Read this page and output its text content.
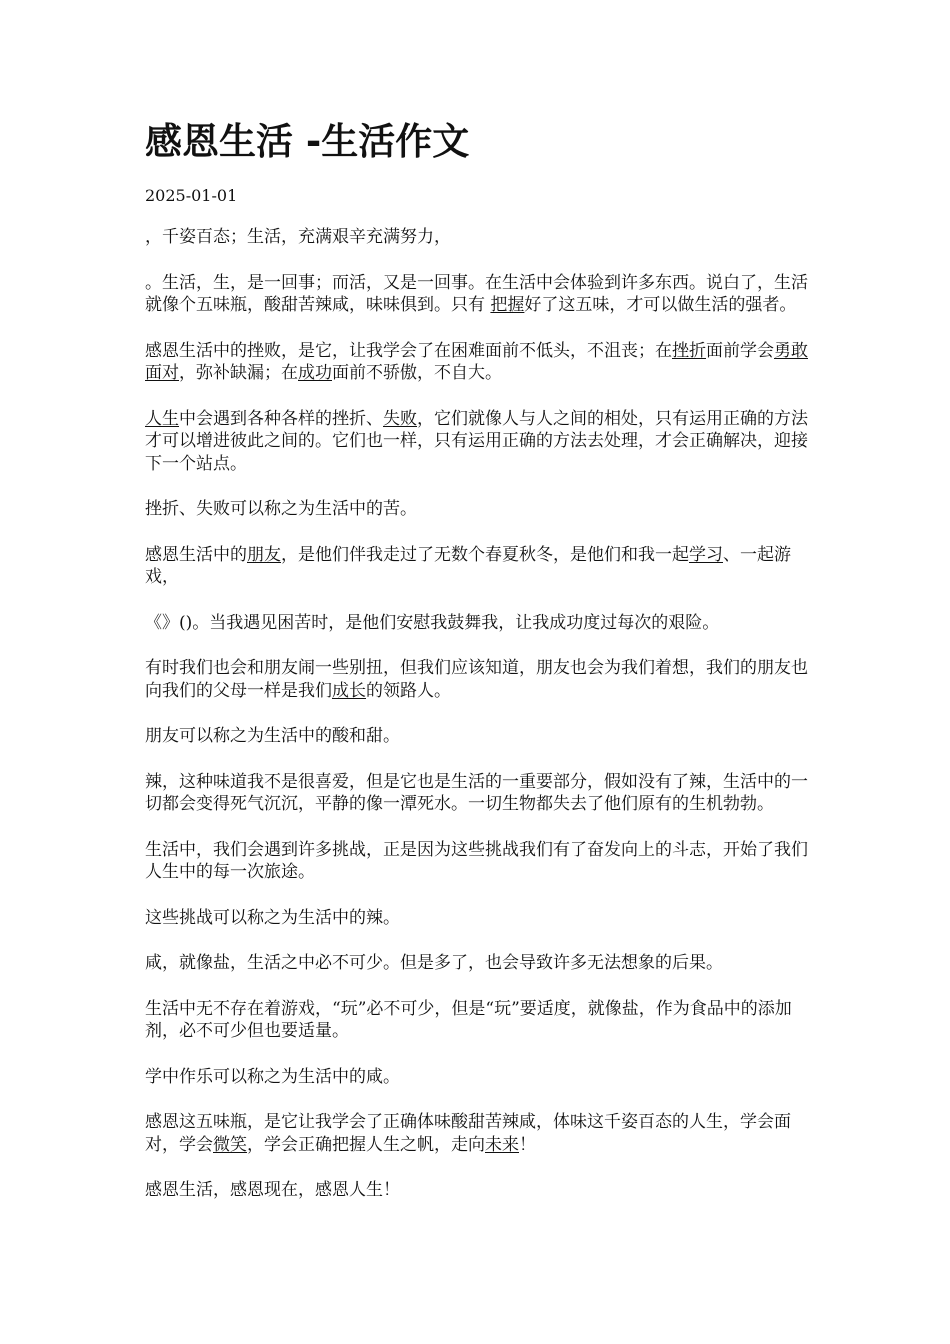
感恩生活 -生活作文
2025-01-01

，千姿百态；生活，充满艰辛充满努力，

。生活，生，是一回事；而活，又是一回事。在生活中会体验到许多东西。说白了，生活就像个五味瓶，酸甜苦辣咸，味味俱到。只有 把握好了这五味，才可以做生活的强者。

感恩生活中的挫败，是它，让我学会了在困难面前不低头，不沮丧；在挫折面前学会勇敢面对，弥补缺漏；在成功面前不骄傲，不自大。

人生中会遇到各种各样的挫折、失败，它们就像人与人之间的相处，只有运用正确的方法才可以增进彼此之间的。它们也一样，只有运用正确的方法去处理，才会正确解决，迎接下一个站点。

挫折、失败可以称之为生活中的苦。

感恩生活中的朋友，是他们伴我走过了无数个春夏秋冬，是他们和我一起学习、一起游戏，

《》()。当我遇见困苦时，是他们安慰我鼓舞我，让我成功度过每次的艰险。

有时我们也会和朋友闹一些别扭，但我们应该知道，朋友也会为我们着想，我们的朋友也向我们的父母一样是我们成长的领路人。

朋友可以称之为生活中的酸和甜。

辣，这种味道我不是很喜爱，但是它也是生活的一重要部分，假如没有了辣，生活中的一切都会变得死气沉沉，平静的像一潭死水。一切生物都失去了他们原有的生机勃勃。

生活中，我们会遇到许多挑战，正是因为这些挑战我们有了奋发向上的斗志，开始了我们人生中的每一次旅途。

这些挑战可以称之为生活中的辣。

咸，就像盐，生活之中必不可少。但是多了，也会导致许多无法想象的后果。

生活中无不存在着游戏，“玩”必不可少，但是“玩”要适度，就像盐，作为食品中的添加剂，必不可少但也要适量。

学中作乐可以称之为生活中的咸。

感恩这五味瓶，是它让我学会了正确体味酸甜苦辣咸，体味这千姿百态的人生，学会面对，学会微笑，学会正确把握人生之帆，走向未来！

感恩生活，感恩现在，感恩人生！
